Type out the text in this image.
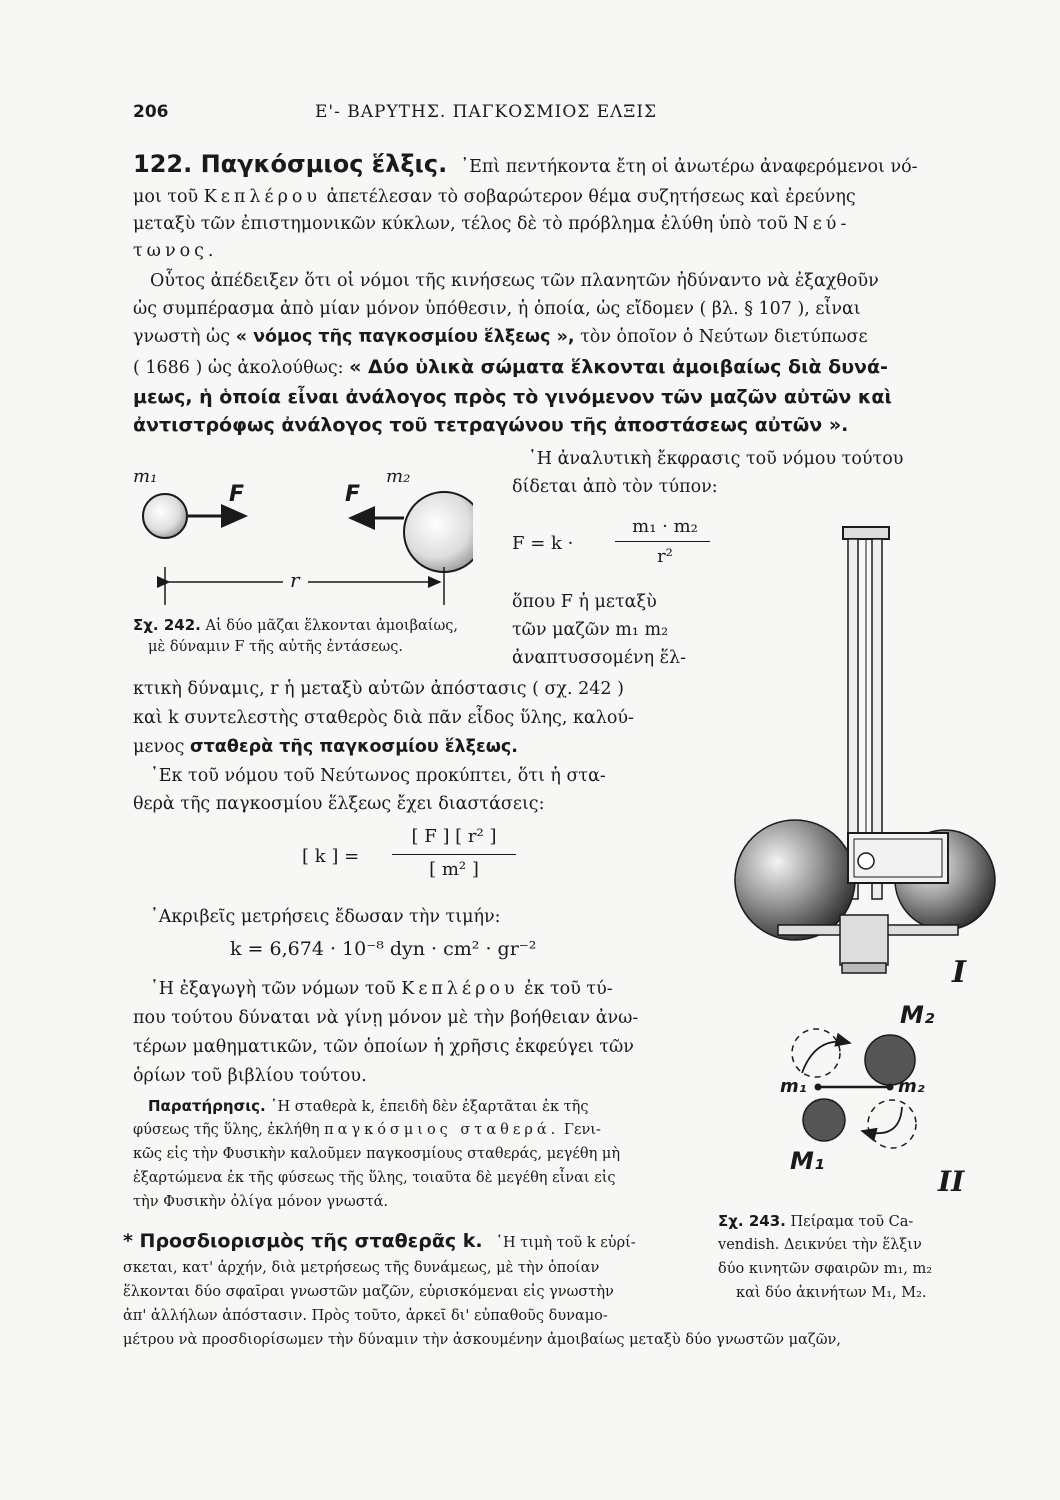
206	Ε'- ΒΑΡΥΤΗΣ. ΠΑΓΚΟΣΜΙΟΣ ΕΛΞΙΣ
122. Παγκόσμιος ἕλξις. ᾿Επὶ πεντήκοντα ἔτη οἱ ἀνωτέρω ἀναφερόμενοι νό-
μοι τοῦ Κεπλέρου ἀπετέλεσαν τὸ σοβαρώτερον θέμα συζητήσεως καὶ ἐρεύνης
μεταξὺ τῶν ἐπιστημονικῶν κύκλων, τέλος δὲ τὸ πρόβλημα ἐλύθη ὑπὸ τοῦ Νεύ-
τωνος.
Οὗτος ἀπέδειξεν ὅτι οἱ νόμοι τῆς κινήσεως τῶν πλανητῶν ἠδύναντο νὰ ἐξαχθοῦν
ὡς συμπέρασμα ἀπὸ μίαν μόνον ὑπόθεσιν, ἡ ὁποία, ὡς εἴδομεν ( βλ. § 107 ), εἶναι
γνωστὴ ὡς « νόμος τῆς παγκοσμίου ἕλξεως », τὸν ὁποῖον ὁ Νεύτων διετύπωσε
( 1686 ) ὡς ἀκολούθως: « Δύο ὑλικὰ σώματα ἕλκονται ἀμοιβαίως διὰ δυνά-
μεως, ἡ ὁποία εἶναι ἀνάλογος πρὸς τὸ γινόμενον τῶν μαζῶν αὐτῶν καὶ
ἀντιστρόφως ἀνάλογος τοῦ τετραγώνου τῆς ἀποστάσεως αὐτῶν ».
῾Η ἀναλυτικὴ ἔκφρασις τοῦ νόμου τούτου
δίδεται ἀπὸ τὸν τύπον:
F = k ·
m₁ · m₂
r²
m₁
F	F
m₂
r
Σχ. 242. Αἱ δύο μᾶζαι ἕλκονται ἀμοιβαίως,
μὲ δύναμιν F τῆς αὐτῆς ἐντάσεως.
ὅπου F ἡ μεταξὺ
τῶν μαζῶν m₁ m₂
ἀναπτυσσομένη ἕλ-
κτικὴ δύναμις, r ἡ μεταξὺ αὐτῶν ἀπόστασις ( σχ. 242 )
καὶ k συντελεστὴς σταθερὸς διὰ πᾶν εἶδος ὕλης, καλού-
μενος σταθερὰ τῆς παγκοσμίου ἕλξεως.
᾿Εκ τοῦ νόμου τοῦ Νεύτωνος προκύπτει, ὅτι ἡ στα-
θερὰ τῆς παγκοσμίου ἕλξεως ἔχει διαστάσεις:
[ k ] =
[ F ] [ r² ]
[ m² ]
᾿Ακριβεῖς μετρήσεις ἔδωσαν τὴν τιμήν:
k = 6,674 · 10⁻⁸ dyn · cm² · gr⁻²
῾Η ἐξαγωγὴ τῶν νόμων τοῦ Κεπλέρου ἐκ τοῦ τύ-
που τούτου δύναται νὰ γίνῃ μόνον μὲ τὴν βοήθειαν ἀνω-
τέρων μαθηματικῶν, τῶν ὁποίων ἡ χρῆσις ἐκφεύγει τῶν
ὁρίων τοῦ βιβλίου τούτου.
Παρατήρησις. ῾Η σταθερὰ k, ἐπειδὴ δὲν ἐξαρτᾶται ἐκ τῆς
φύσεως τῆς ὕλης, ἐκλήθη παγκόσμιος σταθερά. Γενι-
κῶς εἰς τὴν Φυσικὴν καλοῦμεν παγκοσμίους σταθεράς, μεγέθη μὴ
ἐξαρτώμενα ἐκ τῆς φύσεως τῆς ὕλης, τοιαῦτα δὲ μεγέθη εἶναι εἰς
τὴν Φυσικὴν ὀλίγα μόνον γνωστά.
* Προσδιορισμὸς τῆς σταθερᾶς k. ῾Η τιμὴ τοῦ k εὑρί-
σκεται, κατ' ἀρχήν, διὰ μετρήσεως τῆς δυνάμεως, μὲ τὴν ὁποίαν
ἕλκονται δύο σφαῖραι γνωστῶν μαζῶν, εὑρισκόμεναι εἰς γνωστὴν
ἀπ' ἀλλήλων ἀπόστασιν. Πρὸς τοῦτο, ἀρκεῖ δι' εὐπαθοῦς δυναμο-
μέτρου νὰ προσδιορίσωμεν τὴν δύναμιν τὴν ἀσκουμένην ἀμοιβαίως μεταξὺ δύο γνωστῶν μαζῶν,
I
M₂
m₁	m₂
M₁
II
Σχ. 243. Πείραμα τοῦ Ca-
vendish. Δεικνύει τὴν ἕλξιν
δύο κινητῶν σφαιρῶν m₁, m₂
καὶ δύο ἀκινήτων M₁, M₂.
